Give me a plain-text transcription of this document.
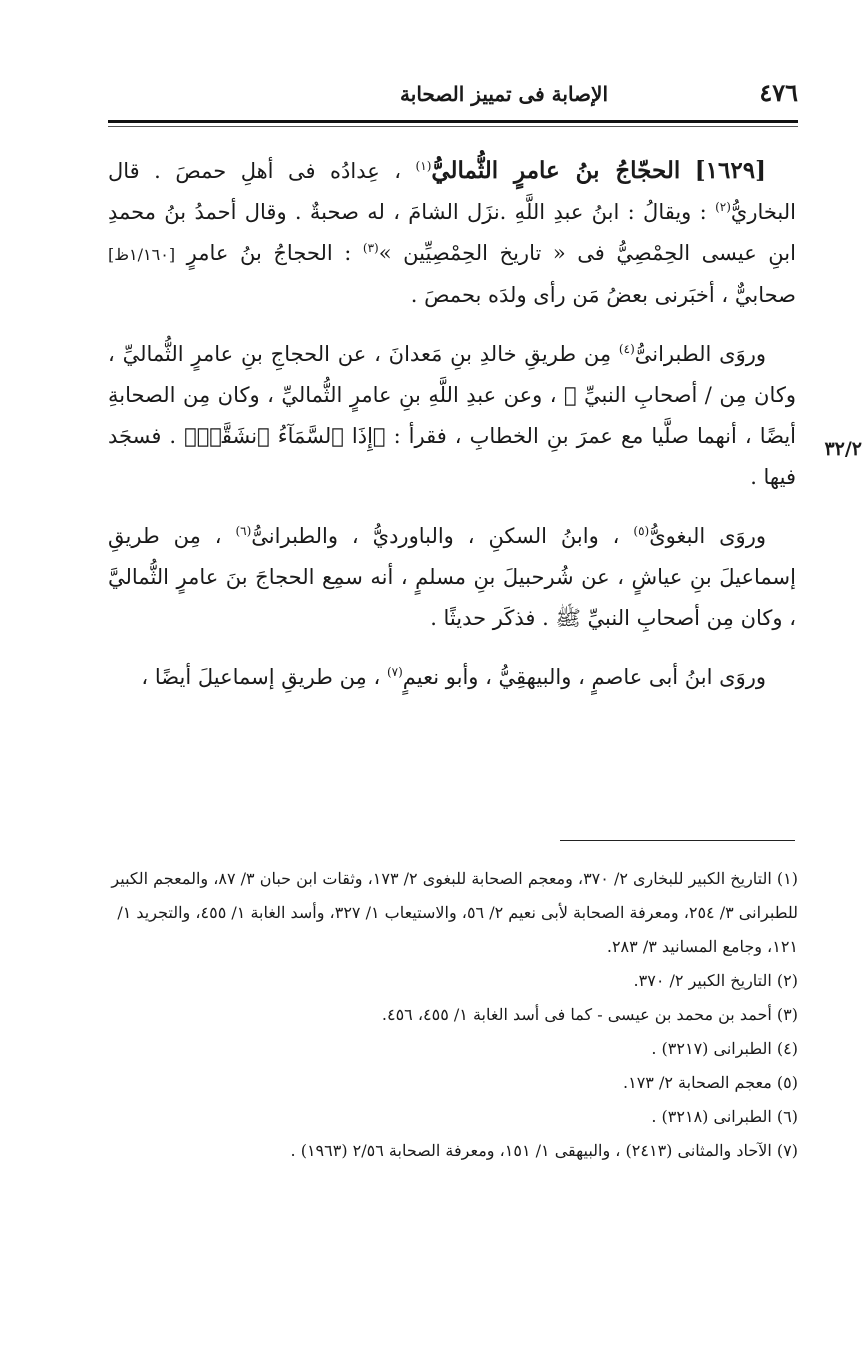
٤٧٦
الإصابة فى تمييز الصحابة
٣٢/٢

[١٦٢٩] الحجّاجُ بنُ عامرٍ الثُّماليُّ$^{(١)}$ ، عِدادُه فى أهلِ حمصَ . قال البخاريُّ$^{(٢)}$ : ويقالُ : ابنُ عبدِ اللَّهِ .نزَل الشامَ ، له صحبةٌ . وقال أحمدُ بنُ محمدِ ابنِ عيسى الحِمْصِيُّ فى « تاريخ الحِمْصِيِّين »$^{(٣)}$ : الحجاجُ بنُ عامرٍ [١/١٦٠ظ] صحابيٌّ ، أخبَرنى بعضُ مَن رأى ولدَه بحمصَ .

وروَى الطبرانىُّ$^{(٤)}$ مِن طريقِ خالدِ بنِ مَعدانَ ، عن الحجاجِ بنِ عامرٍ الثُّماليِّ ، وكان مِن / أصحابِ النبيِّ ﷺ ، وعن عبدِ اللَّهِ بنِ عامرٍ الثُّماليِّ ، وكان مِن الصحابةِ أيضًا ، أنهما صلَّيا مع عمرَ بنِ الخطابِ ، فقرأ : ﴿إِذَا ٱلسَّمَآءُ ٱنشَقَّتۡ﴾ . فسجَد فيها .

وروَى البغوىُّ$^{(٥)}$ ، وابنُ السكنِ ، والباورديُّ ، والطبرانىُّ$^{(٦)}$ ، مِن طريقِ إسماعيلَ بنِ عياشٍ ، عن شُرحبيلَ بنِ مسلمٍ ، أنه سمِع الحجاجَ بنَ عامرٍ الثُّماليَّ ، وكان مِن أصحابِ النبيِّ ﷺ . فذكَر حديثًا .

وروَى ابنُ أبى عاصمٍ ، والبيهقِيُّ ، وأبو نعيمٍ$^{(٧)}$ ، مِن طريقِ إسماعيلَ أيضًا ،

(١) التاريخ الكبير للبخارى ٢/ ٣٧٠، ومعجم الصحابة للبغوى ٢/ ١٧٣، وثقات ابن حبان ٣/ ٨٧، والمعجم الكبير للطبرانى ٣/ ٢٥٤، ومعرفة الصحابة لأبى نعيم ٢/ ٥٦، والاستيعاب ١/ ٣٢٧، وأسد الغابة ١/ ٤٥٥، والتجريد ١/ ١٢١، وجامع المسانيد ٣/ ٢٨٣.

(٢) التاريخ الكبير ٢/ ٣٧٠.

(٣) أحمد بن محمد بن عيسى - كما فى أسد الغابة ١/ ٤٥٥، ٤٥٦.

(٤) الطبرانى (٣٢١٧) .

(٥) معجم الصحابة ٢/ ١٧٣.

(٦) الطبرانى (٣٢١٨) .

(٧) الآحاد والمثانى (٢٤١٣) ، والبيهقى ١/ ١٥١، ومعرفة الصحابة ٢/٥٦ (١٩٦٣) .
